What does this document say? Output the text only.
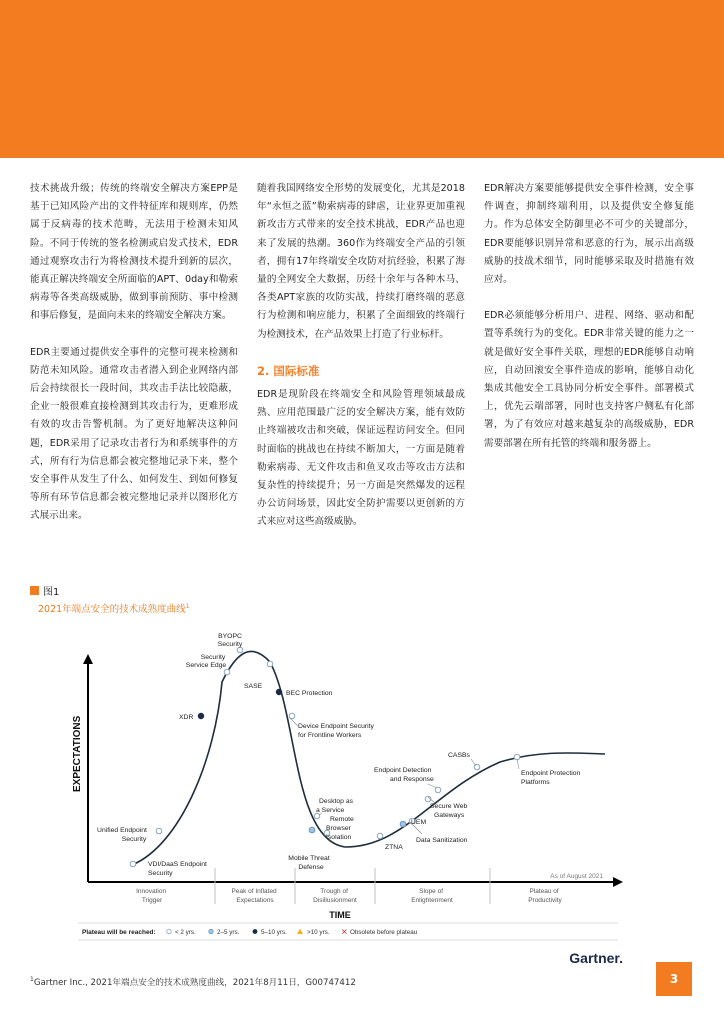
技术挑战升级；传统的终端安全解决方案EPP是基于已知风险产出的文件特征库和规则库，仍然属于反病毒的技术范畴，无法用于检测未知风险。不同于传统的签名检测或启发式技术，EDR通过观察攻击行为将检测技术提升到新的层次，能真正解决终端安全所面临的APT、0day和勒索病毒等各类高级威胁，做到事前预防、事中检测和事后修复，是面向未来的终端安全解决方案。

EDR主要通过提供安全事件的完整可视来检测和防范未知风险。通常攻击者潜入到企业网络内部后会持续很长一段时间，其攻击手法比较隐蔽，企业一般很难直接检测到其攻击行为，更难形成有效的攻击告警机制。为了更好地解决这种问题，EDR采用了记录攻击者行为和系统事件的方式，所有行为信息都会被完整地记录下来，整个安全事件从发生了什么、如何发生、到如何修复等所有环节信息都会被完整地记录并以图形化方式展示出来。

随着我国网络安全形势的发展变化，尤其是2018年“永恒之蓝”勒索病毒的肆虐，让业界更加重视新攻击方式带来的安全技术挑战，EDR产品也迎来了发展的热潮。360作为终端安全产品的引领者，拥有17年终端安全攻防对抗经验，积累了海量的全网安全大数据，历经十余年与各种木马、各类APT家族的攻防实战，持续打磨终端的恶意行为检测和响应能力，积累了全面细致的终端行为检测技术，在产品效果上打造了行业标杆。

2. 国际标准

EDR是现阶段在终端安全和风险管理领域最成熟、应用范围最广泛的安全解决方案，能有效防止终端被攻击和突破，保证远程访问安全。但同时面临的挑战也在持续不断加大，一方面是随着勒索病毒、无文件攻击和鱼叉攻击等攻击方法和复杂性的持续提升；另一方面是突然爆发的远程办公访问场景，因此安全防护需要以更创新的方式来应对这些高级威胁。

EDR解决方案要能够提供安全事件检测，安全事件调查，抑制终端利用，以及提供安全修复能力。作为总体安全防御里必不可少的关键部分，EDR要能够识别异常和恶意的行为，展示出高级威胁的技战术细节，同时能够采取及时措施有效应对。

EDR必须能够分析用户、进程、网络、驱动和配置等系统行为的变化。EDR非常关键的能力之一就是做好安全事件关联，理想的EDR能够自动响应，自动回滚安全事件造成的影响，能够自动化集成其他安全工具协同分析安全事件。部署模式上，优先云端部署，同时也支持客户侧私有化部署，为了有效应对越来越复杂的高级威胁，EDR需要部署在所有托管的终端和服务器上。

图1
2021年端点安全的技术成熟度曲线$^1$
EXPECTATIONS
TIME
As of August 2021
Innovation Trigger
Peak of Inflated Expectations
Trough of Disillusionment
Slope of Enlightenment
Plateau of Productivity
VDI/DaaS Endpoint Security
Unified Endpoint Security
XDR
Security Service Edge
BYOPC Security
SASE
BEC Protection
Device Endpoint Security for Frontline Workers
Desktop as a Service
Remote Browser Isolation
Mobile Threat Defense
ZTNA
UEM
Data Sanitization
Secure Web Gateways
Endpoint Detection and Response
CASBs
Endpoint Protection Platforms
Plateau will be reached:	< 2 yrs.	2–5 yrs.	5–10 yrs.	>10 yrs. ✕ Obsolete before plateau
Gartner.
$^1$Gartner Inc., 2021年端点安全的技术成熟度曲线，2021年8月11日，G00747412	3
